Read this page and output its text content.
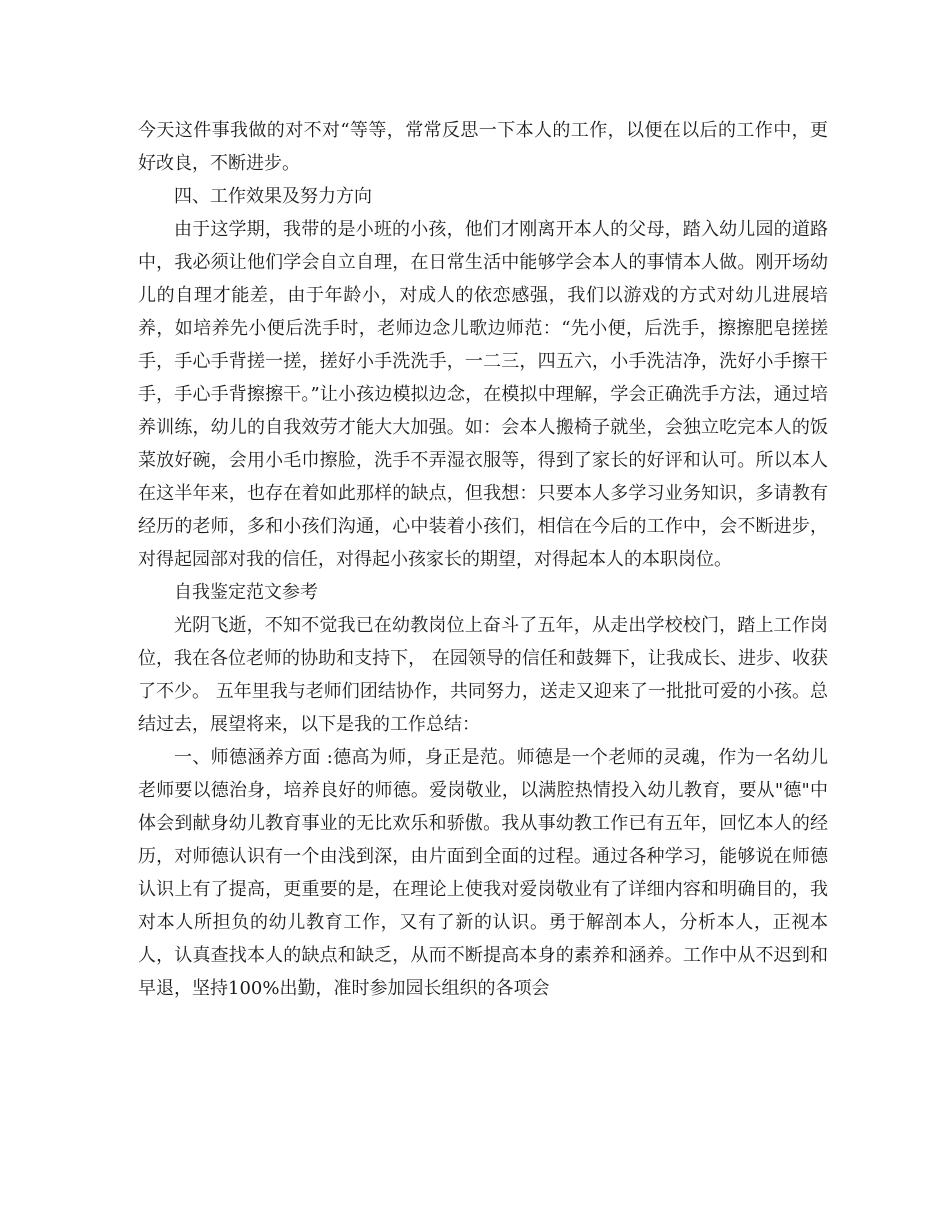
今天这件事我做的对不对“等等，常常反思一下本人的工作，以便在以后的工作中，更好改良，不断进步。

四、工作效果及努力方向

由于这学期，我带的是小班的小孩，他们才刚离开本人的父母，踏入幼儿园的道路中，我必须让他们学会自立自理，在日常生活中能够学会本人的事情本人做。刚开场幼儿的自理才能差，由于年龄小，对成人的依恋感强，我们以游戏的方式对幼儿进展培养，如培养先小便后洗手时，老师边念儿歌边师范：“先小便，后洗手，擦擦肥皂搓搓手，手心手背搓一搓，搓好小手洗洗手，一二三，四五六，小手洗洁净，洗好小手擦干手，手心手背擦擦干。”让小孩边模拟边念，在模拟中理解，学会正确洗手方法，通过培养训练，幼儿的自我效劳才能大大加强。如：会本人搬椅子就坐，会独立吃完本人的饭菜放好碗，会用小毛巾擦脸，洗手不弄湿衣服等，得到了家长的好评和认可。所以本人在这半年来，也存在着如此那样的缺点，但我想：只要本人多学习业务知识，多请教有经历的老师，多和小孩们沟通，心中装着小孩们，相信在今后的工作中，会不断进步，对得起园部对我的信任，对得起小孩家长的期望，对得起本人的本职岗位。

自我鉴定范文参考

光阴飞逝，不知不觉我已在幼教岗位上奋斗了五年，从走出学校校门，踏上工作岗位，我在各位老师的协助和支持下， 在园领导的信任和鼓舞下，让我成长、进步、收获了不少。 五年里我与老师们团结协作，共同努力，送走又迎来了一批批可爱的小孩。总结过去，展望将来，以下是我的工作总结：

一、师德涵养方面 :德高为师，身正是范。师德是一个老师的灵魂，作为一名幼儿老师要以德治身，培养良好的师德。爱岗敬业，以满腔热情投入幼儿教育，要从"德"中体会到献身幼儿教育事业的无比欢乐和骄傲。我从事幼教工作已有五年，回忆本人的经历，对师德认识有一个由浅到深，由片面到全面的过程。通过各种学习，能够说在师德认识上有了提高，更重要的是，在理论上使我对爱岗敬业有了详细内容和明确目的，我对本人所担负的幼儿教育工作，又有了新的认识。勇于解剖本人，分析本人，正视本人，认真查找本人的缺点和缺乏，从而不断提高本身的素养和涵养。工作中从不迟到和早退，坚持100%出勤，准时参加园长组织的各项会
